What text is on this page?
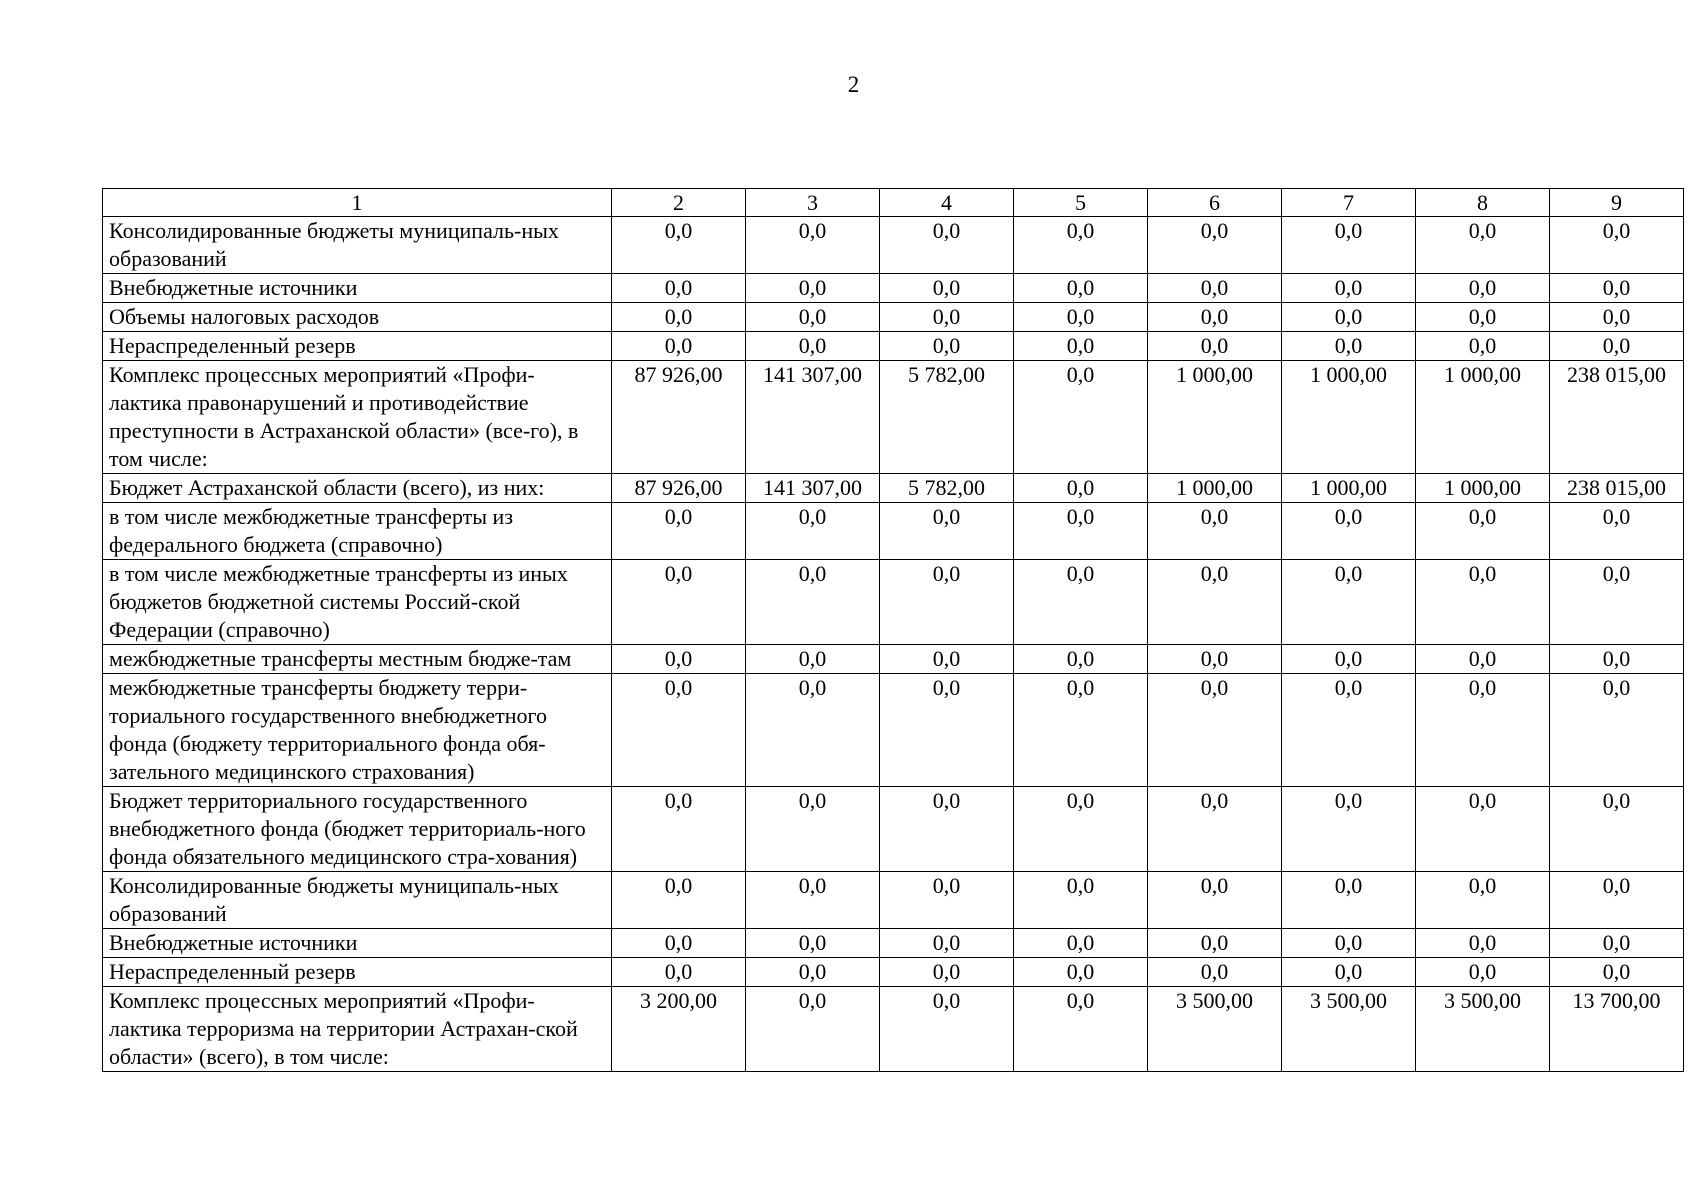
2
1	2	3	4	5	6	7	8	9
Консолидированные бюджеты муниципаль-ных образований	0,0	0,0	0,0	0,0	0,0	0,0	0,0	0,0
Внебюджетные источники	0,0	0,0	0,0	0,0	0,0	0,0	0,0	0,0
Объемы налоговых расходов	0,0	0,0	0,0	0,0	0,0	0,0	0,0	0,0
Нераспределенный резерв	0,0	0,0	0,0	0,0	0,0	0,0	0,0	0,0
Комплекс процессных мероприятий «Профи-лактика правонарушений и противодействие преступности в Астраханской области» (все-го), в том числе:	87 926,00	141 307,00	5 782,00	0,0	1 000,00	1 000,00	1 000,00	238 015,00
Бюджет Астраханской области (всего), из них:	87 926,00	141 307,00	5 782,00	0,0	1 000,00	1 000,00	1 000,00	238 015,00
в том числе межбюджетные трансферты из федерального бюджета (справочно)	0,0	0,0	0,0	0,0	0,0	0,0	0,0	0,0
в том числе межбюджетные трансферты из иных бюджетов бюджетной системы Россий-ской Федерации (справочно)	0,0	0,0	0,0	0,0	0,0	0,0	0,0	0,0
межбюджетные трансферты местным бюдже-там	0,0	0,0	0,0	0,0	0,0	0,0	0,0	0,0
межбюджетные трансферты бюджету терри-ториального государственного внебюджетного фонда (бюджету территориального фонда обя-зательного медицинского страхования)	0,0	0,0	0,0	0,0	0,0	0,0	0,0	0,0
Бюджет территориального государственного внебюджетного фонда (бюджет территориаль-ного фонда обязательного медицинского стра-хования)	0,0	0,0	0,0	0,0	0,0	0,0	0,0	0,0
Консолидированные бюджеты муниципаль-ных образований	0,0	0,0	0,0	0,0	0,0	0,0	0,0	0,0
Внебюджетные источники	0,0	0,0	0,0	0,0	0,0	0,0	0,0	0,0
Нераспределенный резерв	0,0	0,0	0,0	0,0	0,0	0,0	0,0	0,0
Комплекс процессных мероприятий «Профи-лактика терроризма на территории Астрахан-ской области» (всего), в том числе:	3 200,00	0,0	0,0	0,0	3 500,00	3 500,00	3 500,00	13 700,00
